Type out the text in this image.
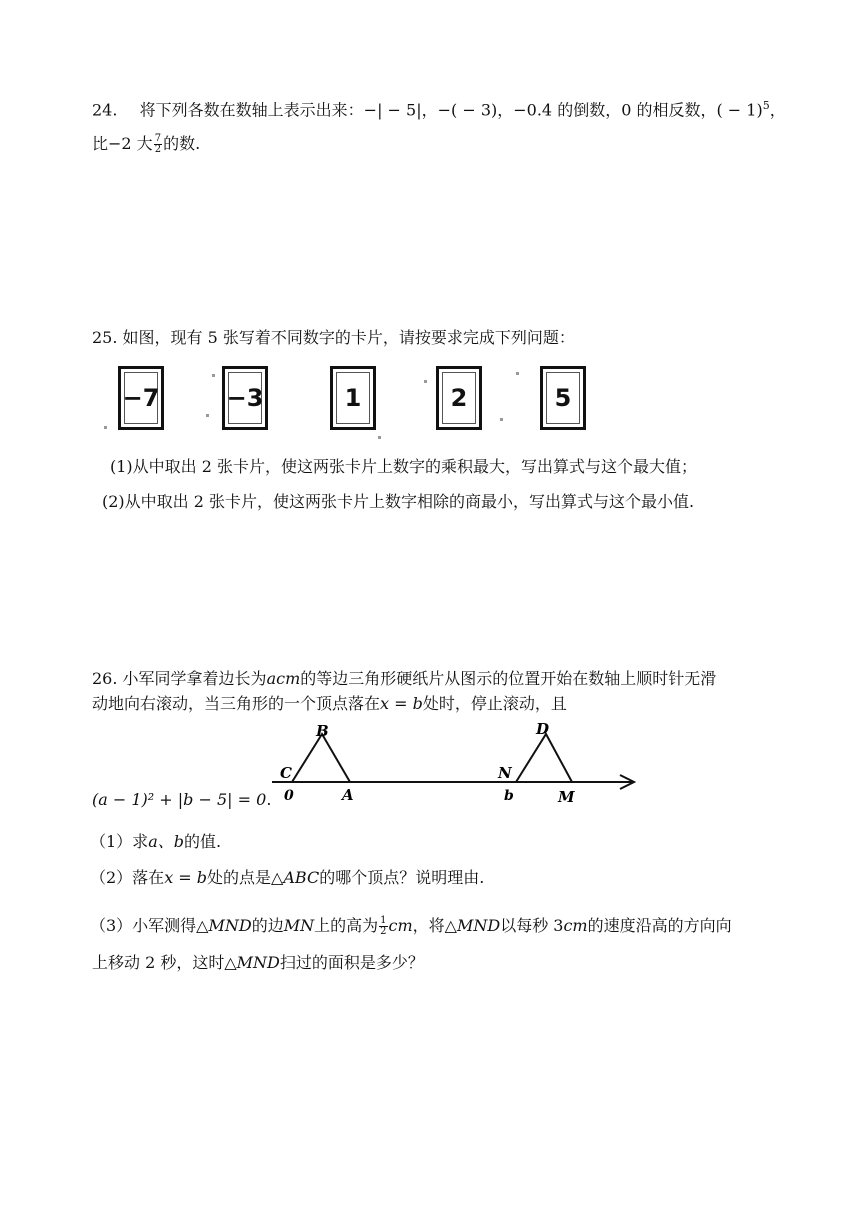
24. 将下列各数在数轴上表示出来：−| − 5|，−( − 3)，−0.4 的倒数，0 的相反数，( − 1)$^5$，
比−2 大 $\frac{7}{2}$ 的数.
25. 如图，现有 5 张写着不同数字的卡片，请按要求完成下列问题：
−7	−3	1	2	5
(1)从中取出 2 张卡片，使这两张卡片上数字的乘积最大，写出算式与这个最大值；
(2)从中取出 2 张卡片，使这两张卡片上数字相除的商最小，写出算式与这个最小值.
26. 小军同学拿着边长为acm的等边三角形硬纸片从图示的位置开始在数轴上顺时针无滑
动地向右滚动，当三角形的一个顶点落在x = b处时，停止滚动，且
B
C
0	A
D
N
b	M
(a − 1)² + |b − 5| = 0.
（1）求a、b的值.
（2）落在x = b处的点是△ABC的哪个顶点？说明理由.
（3）小军测得△MND的边MN上的高为 $\frac{1}{2}$ cm，将△MND以每秒 3cm的速度沿高的方向向
上移动 2 秒，这时△MND扫过的面积是多少？
